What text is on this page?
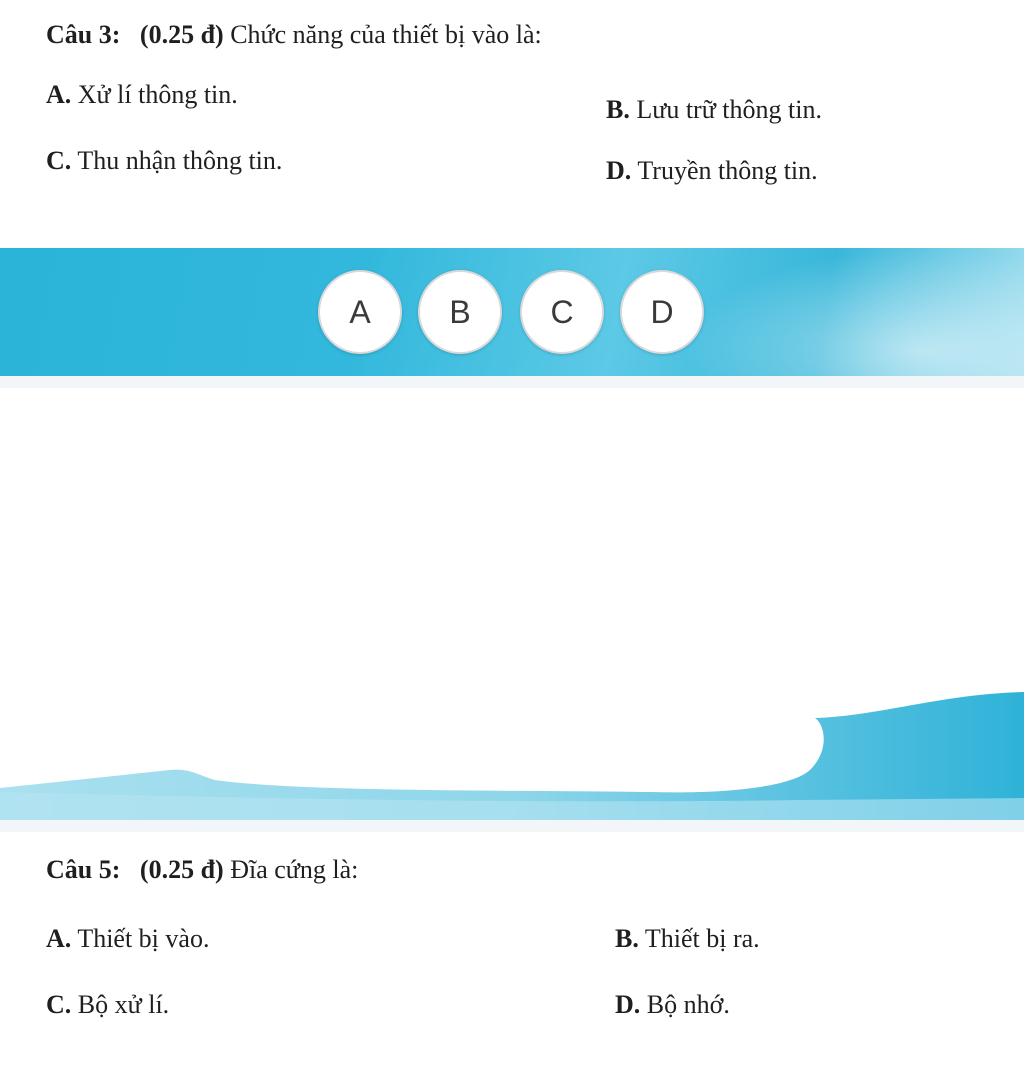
Câu 3: (0.25 đ) Chức năng của thiết bị vào là:
A. Xử lí thông tin.
B. Lưu trữ thông tin.
C. Thu nhận thông tin.	D. Truyền thông tin.
A	B	C	D
Câu 5: (0.25 đ) Đĩa cứng là:
A. Thiết bị vào.	B. Thiết bị ra.
C. Bộ xử lí.	D. Bộ nhớ.
